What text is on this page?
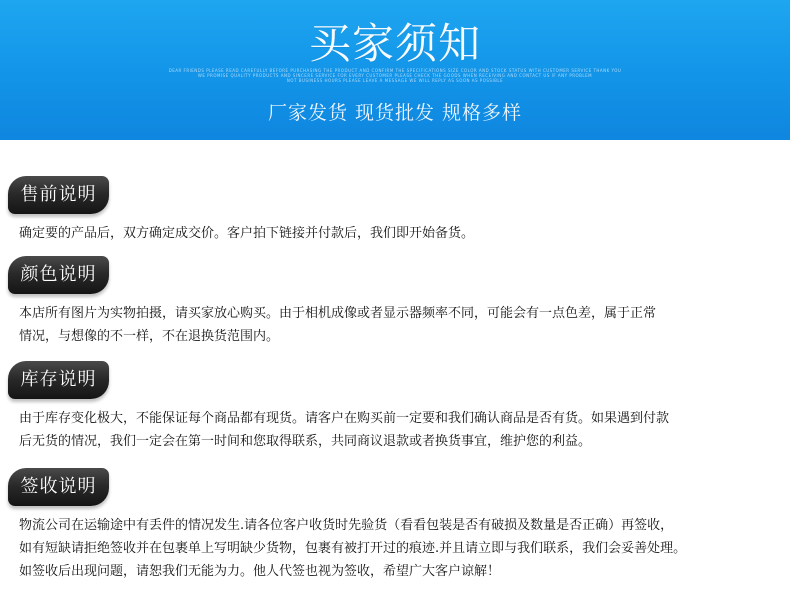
买家须知
DEAR FRIENDS PLEASE READ CAREFULLY BEFORE PURCHASING THE PRODUCT AND CONFIRM THE SPECIFICATIONS SIZE COLOR AND STOCK STATUS WITH CUSTOMER SERVICE THANK YOU
WE PROMISE QUALITY PRODUCTS AND SINCERE SERVICE FOR EVERY CUSTOMER PLEASE CHECK THE GOODS WHEN RECEIVING AND CONTACT US IF ANY PROBLEM
NOT BUSINESS HOURS PLEASE LEAVE A MESSAGE WE WILL REPLY AS SOON AS POSSIBLE
厂家发货 现货批发 规格多样
售前说明
确定要的产品后，双方确定成交价。客户拍下链接并付款后，我们即开始备货。
颜色说明
本店所有图片为实物拍摄，请买家放心购买。由于相机成像或者显示器频率不同，可能会有一点色差，属于正常
情况，与想像的不一样，不在退换货范围内。
库存说明
由于库存变化极大，不能保证每个商品都有现货。请客户在购买前一定要和我们确认商品是否有货。如果遇到付款
后无货的情况，我们一定会在第一时间和您取得联系，共同商议退款或者换货事宜，维护您的利益。
签收说明
物流公司在运输途中有丢件的情况发生.请各位客户收货时先验货（看看包装是否有破损及数量是否正确）再签收，
如有短缺请拒绝签收并在包裹单上写明缺少货物，包裹有被打开过的痕迹.并且请立即与我们联系，我们会妥善处理。
如签收后出现问题，请恕我们无能为力。他人代签也视为签收，希望广大客户谅解！
